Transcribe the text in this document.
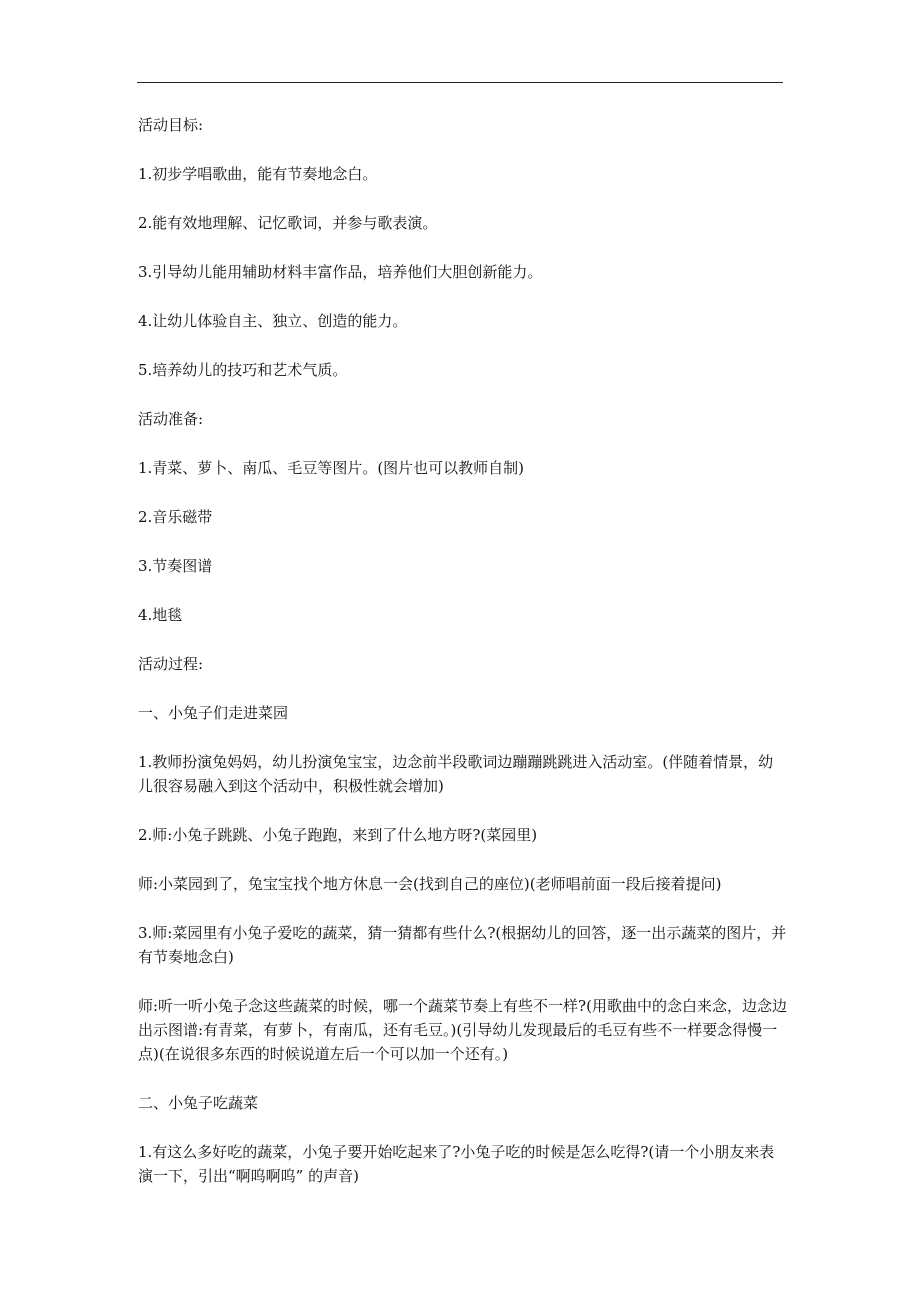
活动目标:

1.初步学唱歌曲，能有节奏地念白。

2.能有效地理解、记忆歌词，并参与歌表演。

3.引导幼儿能用辅助材料丰富作品，培养他们大胆创新能力。

4.让幼儿体验自主、独立、创造的能力。

5.培养幼儿的技巧和艺术气质。

活动准备:

1.青菜、萝卜、南瓜、毛豆等图片。(图片也可以教师自制)

2.音乐磁带

3.节奏图谱

4.地毯

活动过程:

一、小兔子们走进菜园

1.教师扮演兔妈妈，幼儿扮演兔宝宝，边念前半段歌词边蹦蹦跳跳进入活动室。(伴随着情景，幼儿很容易融入到这个活动中，积极性就会增加)

2.师:小兔子跳跳、小兔子跑跑，来到了什么地方呀?(菜园里)

师:小菜园到了，兔宝宝找个地方休息一会(找到自己的座位)(老师唱前面一段后接着提问)

3.师:菜园里有小兔子爱吃的蔬菜，猜一猜都有些什么?(根据幼儿的回答，逐一出示蔬菜的图片，并有节奏地念白)

师:听一听小兔子念这些蔬菜的时候，哪一个蔬菜节奏上有些不一样?(用歌曲中的念白来念，边念边出示图谱:有青菜，有萝卜，有南瓜，还有毛豆。)(引导幼儿发现最后的毛豆有些不一样要念得慢一点)(在说很多东西的时候说道左后一个可以加一个还有。)

二、小兔子吃蔬菜

1.有这么多好吃的蔬菜，小兔子要开始吃起来了?小兔子吃的时候是怎么吃得?(请一个小朋友来表演一下，引出“啊呜啊呜” 的声音)
